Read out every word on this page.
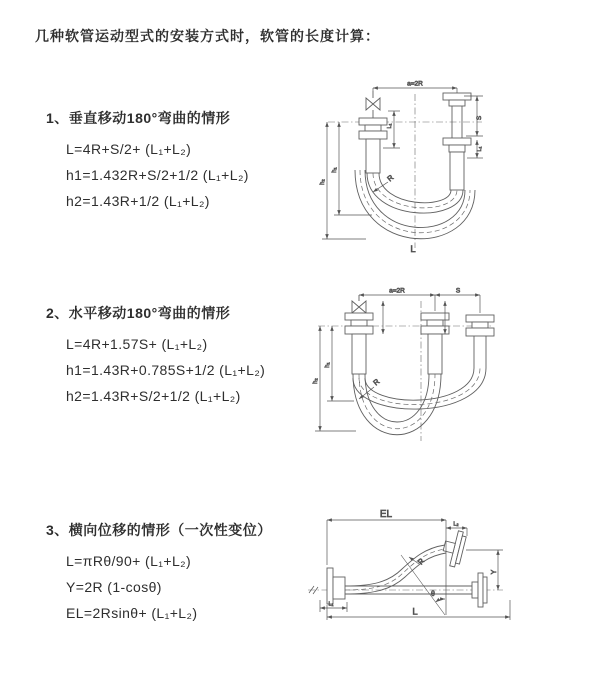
几种软管运动型式的安装方式时，软管的长度计算：
1、垂直移动180°弯曲的情形
L=4R+S/2+ (L₁+L₂)
h1=1.432R+S/2+1/2 (L₁+L₂)
h2=1.43R+1/2 (L₁+L₂)
2、水平移动180°弯曲的情形
L=4R+1.57S+ (L₁+L₂)
h1=1.43R+0.785S+1/2 (L₁+L₂)
h2=1.43R+S/2+1/2 (L₁+L₂)
3、横向位移的情形（一次性变位）
L=πRθ/90+ (L₁+L₂)
Y=2R (1-cosθ)
EL=2Rsinθ+ (L₁+L₂)
a=2R
S
L₁
L₁
h₁
h₂	R
L
a=2R	S
h₁
h₂	R
EL
L₂
Y
R
θ
L₁
L
